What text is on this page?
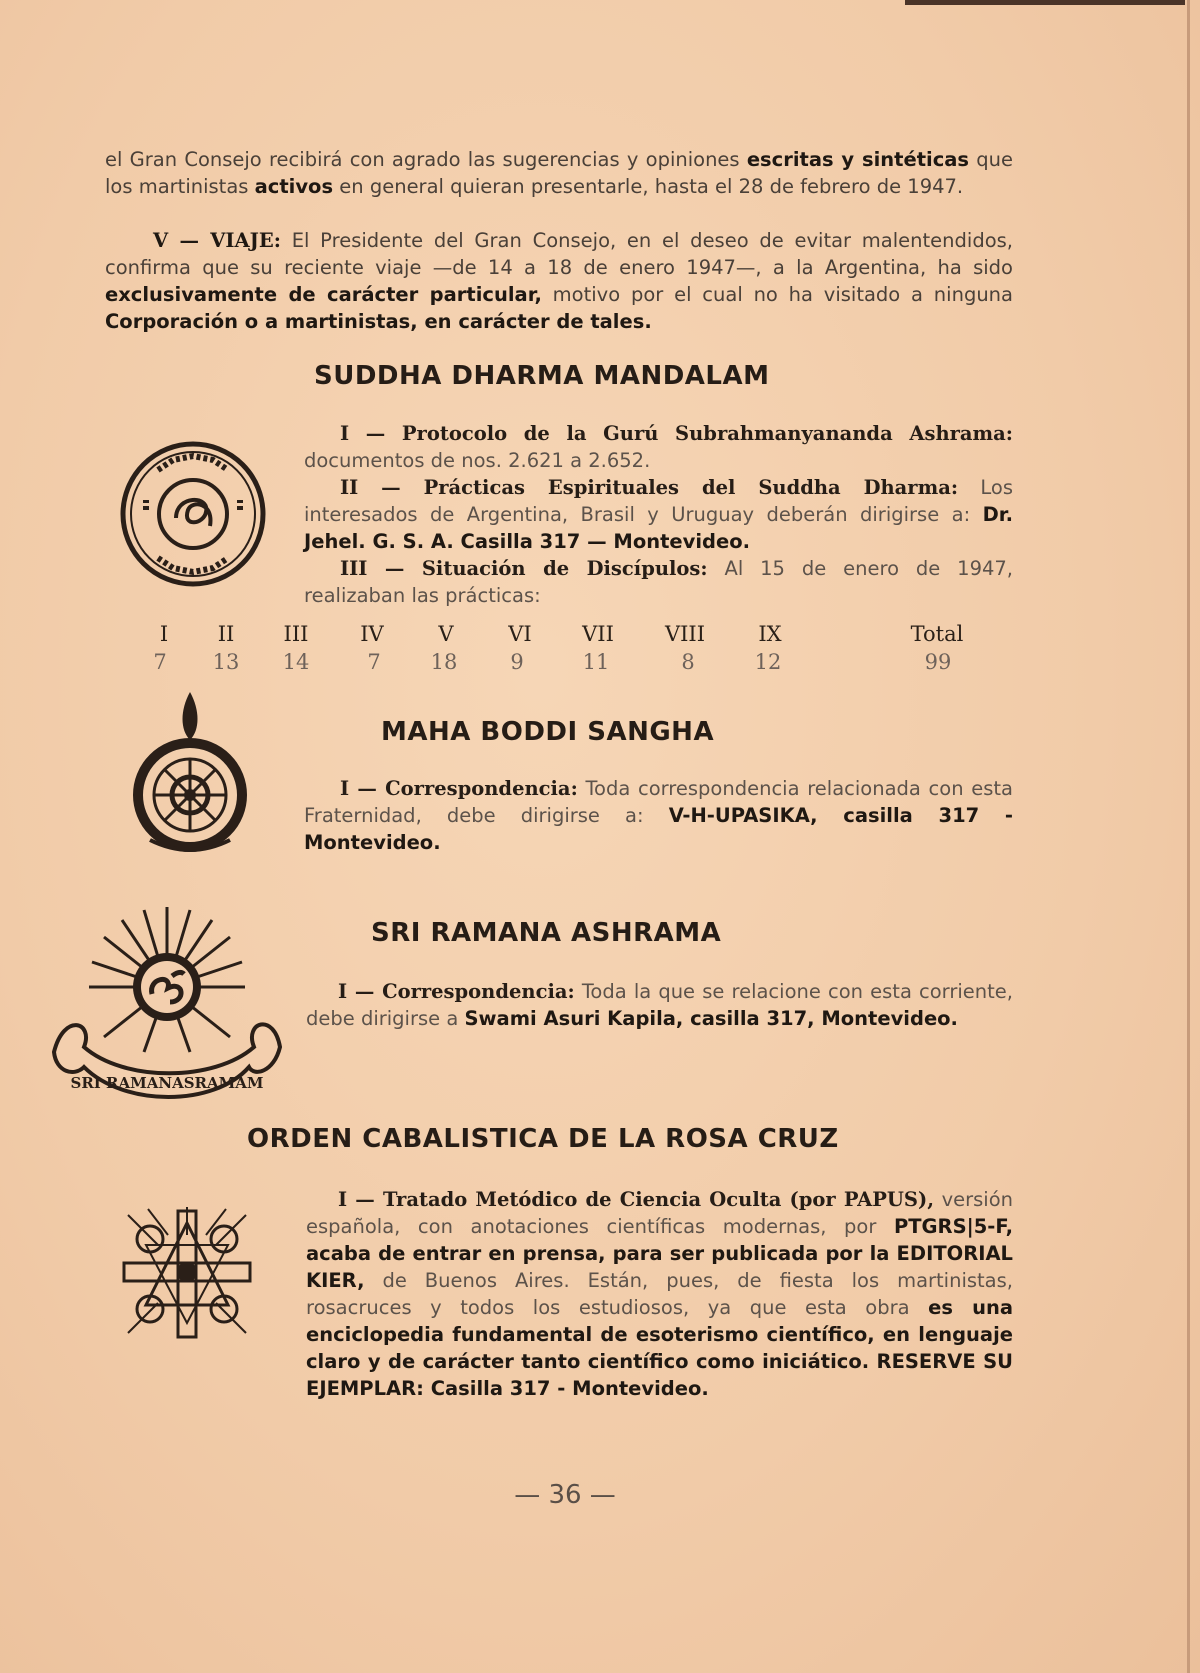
el Gran Consejo recibirá con agrado las sugerencias y opiniones escritas y sintéticas que los martinistas activos en general quieran presentarle, hasta el 28 de febrero de 1947.
V — VIAJE: El Presidente del Gran Consejo, en el deseo de evitar malentendidos, confirma que su reciente viaje —de 14 a 18 de enero 1947—, a la Argentina, ha sido exclusivamente de carácter particular, motivo por el cual no ha visitado a ninguna Corporación o a martinistas, en carácter de tales.
SUDDHA DHARMA MANDALAM
I — Protocolo de la Gurú Subrahmanyananda Ashrama: documentos de nos. 2.621 a 2.652.
II — Prácticas Espirituales del Suddha Dharma: Los interesados de Argentina, Brasil y Uruguay deberán dirigirse a: Dr. Jehel. G. S. A. Casilla 317 — Montevideo.
III — Situación de Discípulos: Al 15 de enero de 1947, realizaban las prácticas:
I II III IV	V	VI VII VIII	IX	Total
7 13 14	7 18	9	11	8	12	99
MAHA BODDI SANGHA
I — Correspondencia: Toda correspondencia relacionada con esta Fraternidad, debe dirigirse a: V-H-UPASIKA, casilla 317 - Montevideo.
SRI RAMANASRAMAM
SRI RAMANA ASHRAMA
I — Correspondencia: Toda la que se relacione con esta corriente, debe dirigirse a Swami Asuri Kapila, casilla 317, Montevideo.
ORDEN CABALISTICA DE LA ROSA CRUZ
I — Tratado Metódico de Ciencia Oculta (por PAPUS), versión española, con anotaciones científicas modernas, por PTGRS|5-F, acaba de entrar en prensa, para ser publicada por la EDITORIAL KIER, de Buenos Aires. Están, pues, de fiesta los martinistas, rosacruces y todos los estudiosos, ya que esta obra es una enciclopedia fundamental de esoterismo científico, en lenguaje claro y de carácter tanto científico como iniciático. RESERVE SU EJEMPLAR: Casilla 317 - Montevideo.
— 36 —
